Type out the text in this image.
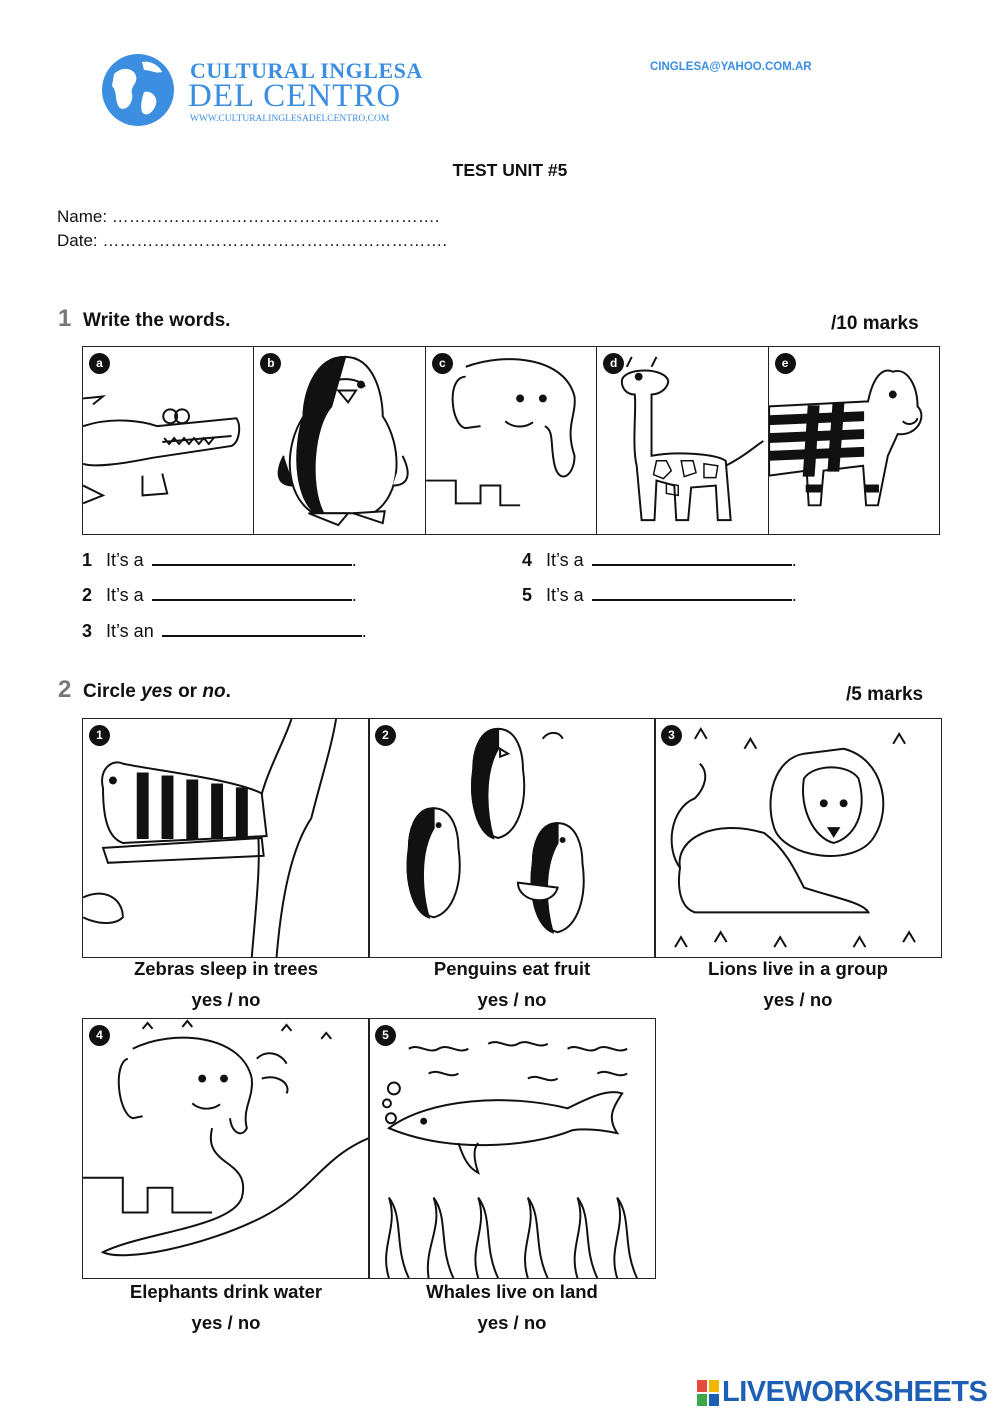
CULTURAL INGLESA
DEL CENTRO
WWW.CULTURALINGLESADELCENTRO.COM
CINGLESA@YAHOO.COM.AR
TEST UNIT #5
Name: ………………………………………………….
Date: …………………………………………………….
1 Write the words.	/10 marks
a	b	c	d	e
1 It’s a	.
2 It’s a	.
3 It’s an	.
4 It’s a	.
5 It’s a	.
2 Circle yes or no.	/5 marks
1	2	3
Zebras sleep in trees
yes / no
Penguins eat fruit
yes / no
Lions live in a group
yes / no
4	5
Elephants drink water
yes / no
Whales live on land
yes / no
LIVEWORKSHEETS
